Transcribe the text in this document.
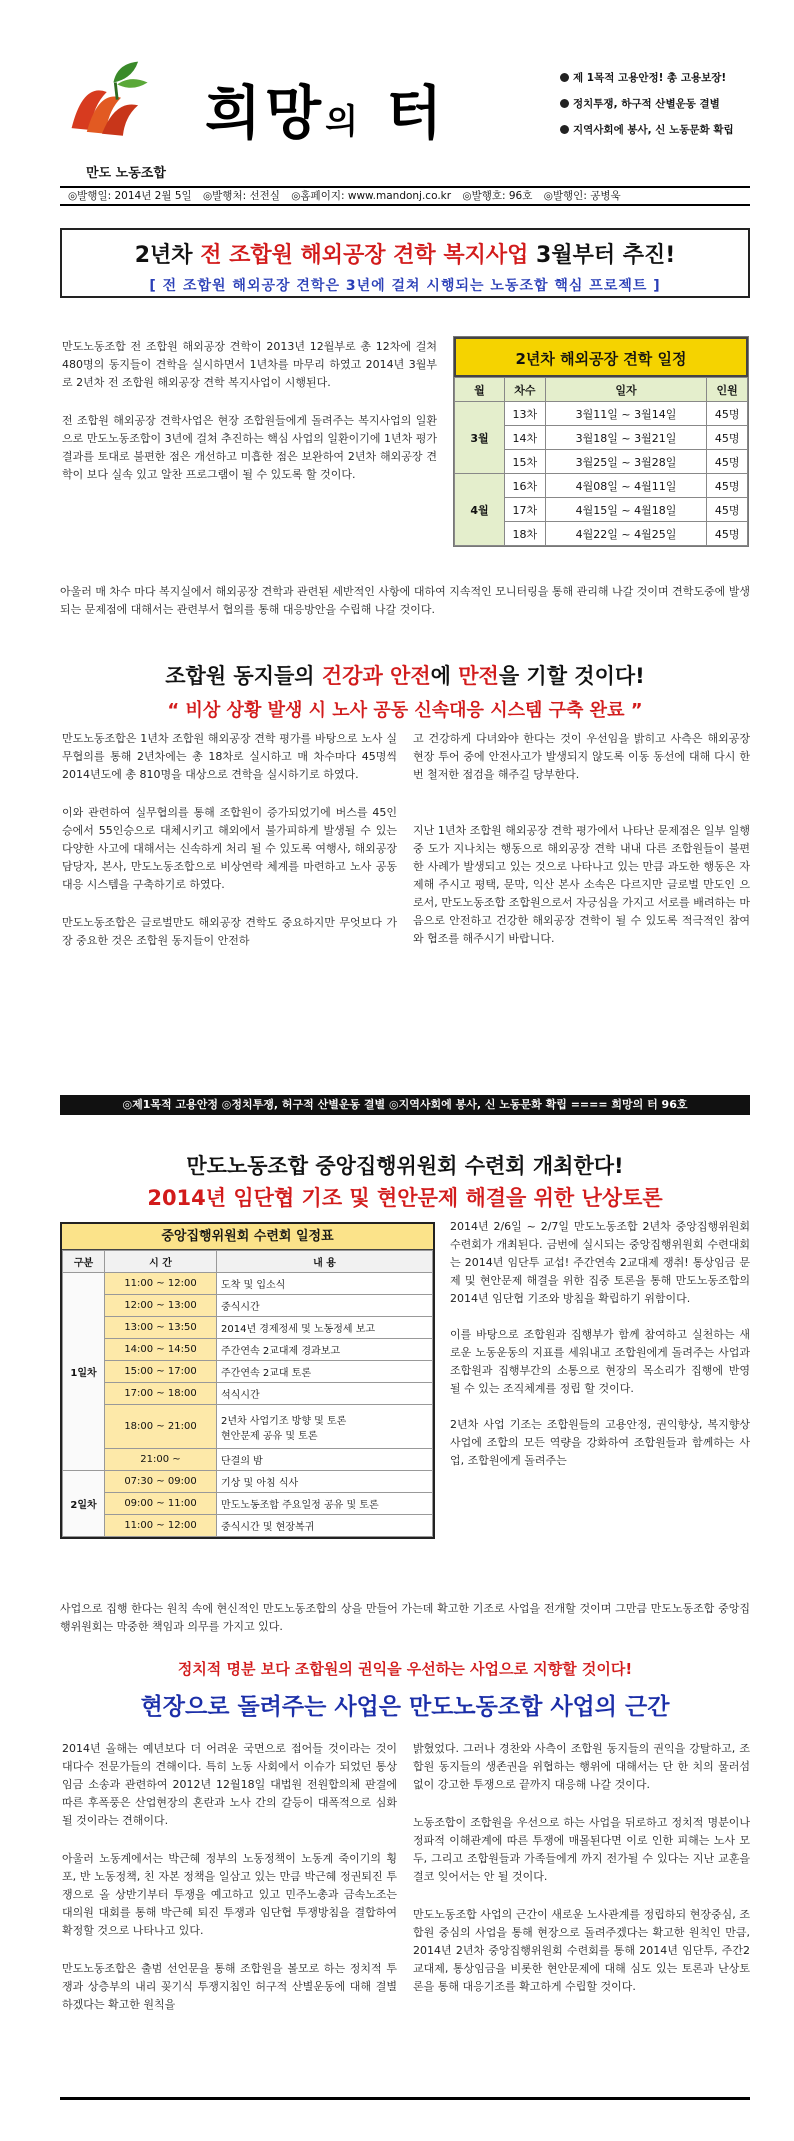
만도 노동조합
희망의 터
제 1목적 고용안정! 총 고용보장!
정치투쟁, 하구적 산별운동 결별
지역사회에 봉사, 신 노동문화 확립
◎발행일: 2014년 2월 5일 ◎발행처: 선전실 ◎홈페이지: www.mandonj.co.kr ◎발행호: 96호 ◎발행인: 공병욱
2년차 전 조합원 해외공장 견학 복지사업 3월부터 추진!
[ 전 조합원 해외공장 견학은 3년에 걸쳐 시행되는 노동조합 핵심 프로젝트 ]

만도노동조합 전 조합원 해외공장 견학이 2013년 12월부로 총 12차에 걸쳐 480명의 동지들이 견학을 실시하면서 1년차를 마무리 하였고 2014년 3월부로 2년차 전 조합원 해외공장 견학 복지사업이 시행된다.

전 조합원 해외공장 견학사업은 현장 조합원들에게 돌려주는 복지사업의 일환으로 만도노동조합이 3년에 걸쳐 추진하는 핵심 사업의 일환이기에 1년차 평가 결과를 토대로 불편한 점은 개선하고 미흡한 점은 보완하여 2년차 해외공장 견학이 보다 실속 있고 알찬 프로그램이 될 수 있도록 할 것이다.

2년차 해외공장 견학 일정
월	차수	일자	인원
3월	13차	3월11일 ~ 3월14일	45명
	14차	3월18일 ~ 3월21일	45명
	15차	3월25일 ~ 3월28일	45명
4월	16차	4월08일 ~ 4월11일	45명
	17차	4월15일 ~ 4월18일	45명
	18차	4월22일 ~ 4월25일	45명

아울러 매 차수 마다 복지실에서 해외공장 견학과 관련된 세반적인 사항에 대하여 지속적인 모니터링을 통해 관리해 나갈 것이며 견학도중에 발생 되는 문제점에 대해서는 관련부서 협의를 통해 대응방안을 수립해 나갈 것이다.

조합원 동지들의 건강과 안전에 만전을 기할 것이다!
“ 비상 상황 발생 시 노사 공동 신속대응 시스템 구축 완료 ”

만도노동조합은 1년차 조합원 해외공장 견학 평가를 바탕으로 노사 실무협의를 통해 2년차에는 총 18차로 실시하고 매 차수마다 45명씩 2014년도에 총 810명을 대상으로 견학을 실시하기로 하였다.

이와 관련하여 실무협의를 통해 조합원이 증가되었기에 버스를 45인승에서 55인승으로 대체시키고 해외에서 불가피하게 발생될 수 있는 다양한 사고에 대해서는 신속하게 처리 될 수 있도록 여행사, 해외공장 담당자, 본사, 만도노동조합으로 비상연락 체계를 마련하고 노사 공동 대응 시스템을 구축하기로 하였다.

만도노동조합은 글로벌만도 해외공장 견학도 중요하지만 무엇보다 가장 중요한 것은 조합원 동지들이 안전하

고 건강하게 다녀와야 한다는 것이 우선임을 밝히고 사측은 해외공장 현장 투어 중에 안전사고가 발생되지 않도록 이동 동선에 대해 다시 한 번 철저한 점검을 해주길 당부한다.

지난 1년차 조합원 해외공장 견학 평가에서 나타난 문제점은 일부 일행 중 도가 지나치는 행동으로 해외공장 견학 내내 다른 조합원들이 불편한 사례가 발생되고 있는 것으로 나타나고 있는 만큼 과도한 행동은 자제해 주시고 평택, 문막, 익산 본사 소속은 다르지만 글로벌 만도인 으로서, 만도노동조합 조합원으로서 자긍심을 가지고 서로를 배려하는 마음으로 안전하고 건강한 해외공장 견학이 될 수 있도록 적극적인 참여와 협조를 해주시기 바랍니다.

◎제1목적 고용안정 ◎정치투쟁, 허구적 산별운동 결별 ◎지역사회에 봉사, 신 노동문화 확립 ==== 희망의 터 96호
만도노동조합 중앙집행위원회 수련회 개최한다!
2014년 임단협 기조 및 현안문제 해결을 위한 난상토론
중앙집행위원회 수련회 일정표
구분	시 간	내 용
1일차	11:00 ~ 12:00	도착 및 입소식
	12:00 ~ 13:00	중식시간
	13:00 ~ 13:50	2014년 경제정세 및 노동정세 보고
	14:00 ~ 14:50	주간연속 2교대제 경과보고
	15:00 ~ 17:00	주간연속 2교대 토론
	17:00 ~ 18:00	석식시간
	18:00 ~ 21:00	2년차 사업기조 방향 및 토론
현안문제 공유 및 토론

	21:00 ~	단결의 밤
2일차	07:30 ~ 09:00	기상 및 아침 식사
	09:00 ~ 11:00	만도노동조합 주요일정 공유 및 토론
	11:00 ~ 12:00	중식시간 및 현장복귀

2014년 2/6일 ~ 2/7일 만도노동조합 2년차 중앙집행위원회 수련회가 개최된다. 금번에 실시되는 중앙집행위원회 수련대회는 2014년 임단투 교섭! 주간연속 2교대제 쟁취! 통상임금 문제 및 현안문제 해결을 위한 집중 토론을 통해 만도노동조합의 2014년 임단협 기조와 방침을 확립하기 위함이다.

이를 바탕으로 조합원과 집행부가 함께 참여하고 실천하는 새로운 노동운동의 지표를 세워내고 조합원에게 돌려주는 사업과 조합원과 집행부간의 소통으로 현장의 목소리가 집행에 반영 될 수 있는 조직체계를 정립 할 것이다.

2년차 사업 기조는 조합원들의 고용안정, 권익향상, 복지향상 사업에 조합의 모든 역량을 강화하여 조합원들과 함께하는 사업, 조합원에게 돌려주는

사업으로 집행 한다는 원칙 속에 현신적인 만도노동조합의 상을 만들어 가는데 확고한 기조로 사업을 전개할 것이며 그만큼 만도노동조합 중앙집행위원회는 막중한 책임과 의무를 가지고 있다.

정치적 명분 보다 조합원의 권익을 우선하는 사업으로 지향할 것이다!
현장으로 돌려주는 사업은 만도노동조합 사업의 근간

2014년 올해는 예년보다 더 어려운 국면으로 접어들 것이라는 것이 대다수 전문가들의 견해이다. 특히 노동 사회에서 이슈가 되었던 통상임금 소송과 관련하여 2012년 12월18일 대법원 전원합의체 판결에 따른 후폭풍은 산업현장의 혼란과 노사 간의 갈등이 대폭적으로 심화될 것이라는 견해이다.

아울러 노동계에서는 박근혜 정부의 노동정책이 노동계 죽이기의 횡포, 반 노동정책, 친 자본 정책을 일삼고 있는 만큼 박근혜 정권퇴진 투쟁으로 올 상반기부터 투쟁을 예고하고 있고 민주노총과 금속노조는 대의원 대회를 통해 박근혜 퇴진 투쟁과 임단협 투쟁방침을 결합하여 확정할 것으로 나타나고 있다.

만도노동조합은 출범 선언문을 통해 조합원을 볼모로 하는 정치적 투쟁과 상층부의 내리 꽂기식 투쟁지침인 허구적 산별운동에 대해 결별하겠다는 확고한 원칙을

밝혔었다. 그러나 경찬와 사측이 조합원 동지들의 권익을 강탈하고, 조합원 동지들의 생존권을 위협하는 행위에 대해서는 단 한 치의 물러섬 없이 강고한 투쟁으로 끝까지 대응해 나갈 것이다.

노동조합이 조합원을 우선으로 하는 사업을 뒤로하고 정치적 명분이나 정파적 이해관계에 따른 투쟁에 매몰된다면 이로 인한 피해는 노사 모두, 그리고 조합원들과 가족들에게 까지 전가될 수 있다는 지난 교훈을 결코 잊어서는 안 될 것이다.

만도노동조합 사업의 근간이 새로운 노사관계를 정립하되 현장중심, 조합원 중심의 사업을 통해 현장으로 돌려주겠다는 확고한 원칙인 만큼, 2014년 2년차 중앙집행위원회 수련회를 통해 2014년 임단투, 주간2교대제, 통상임금을 비롯한 현안문제에 대해 심도 있는 토론과 난상토론을 통해 대응기조를 확고하게 수립할 것이다.
